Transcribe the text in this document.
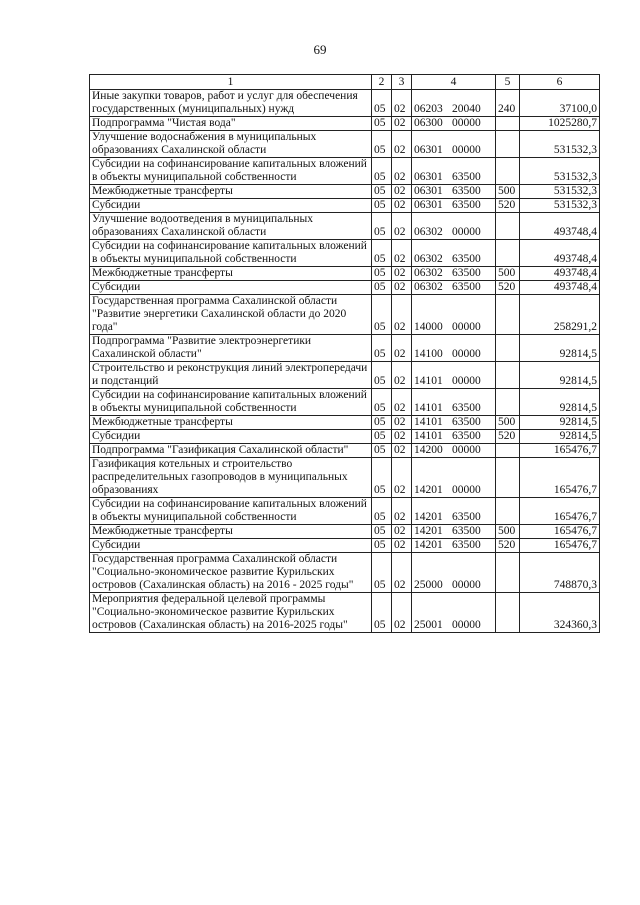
69
1	2	3	4	5	6
Иные закупки товаров, работ и услуг для обеспечения государственных (муниципальных) нужд	05	02	06203 20040	240	37100,0
Подпрограмма "Чистая вода"	05	02	06300 00000		1025280,7
Улучшение водоснабжения в муниципальных образованиях Сахалинской области	05	02	06301 00000		531532,3
Субсидии на софинансирование капитальных вложений в объекты муниципальной собственности	05	02	06301 63500		531532,3
Межбюджетные трансферты	05	02	06301 63500	500	531532,3
Субсидии	05	02	06301 63500	520	531532,3
Улучшение водоотведения в муниципальных образованиях Сахалинской области	05	02	06302 00000		493748,4
Субсидии на софинансирование капитальных вложений в объекты муниципальной собственности	05	02	06302 63500		493748,4
Межбюджетные трансферты	05	02	06302 63500	500	493748,4
Субсидии	05	02	06302 63500	520	493748,4
Государственная программа Сахалинской области "Развитие энергетики Сахалинской области до 2020 года"	05	02	14000 00000		258291,2
Подпрограмма "Развитие электроэнергетики Сахалинской области"	05	02	14100 00000		92814,5
Строительство и реконструкция линий электропередачи и подстанций	05	02	14101 00000		92814,5
Субсидии на софинансирование капитальных вложений в объекты муниципальной собственности	05	02	14101 63500		92814,5
Межбюджетные трансферты	05	02	14101 63500	500	92814,5
Субсидии	05	02	14101 63500	520	92814,5
Подпрограмма "Газификация Сахалинской области"	05	02	14200 00000		165476,7
Газификация котельных и строительство распределительных газопроводов в муниципальных образованиях	05	02	14201 00000		165476,7
Субсидии на софинансирование капитальных вложений в объекты муниципальной собственности	05	02	14201 63500		165476,7
Межбюджетные трансферты	05	02	14201 63500	500	165476,7
Субсидии	05	02	14201 63500	520	165476,7
Государственная программа Сахалинской области "Социально-экономическое развитие Курильских островов (Сахалинская область) на 2016 - 2025 годы"	05	02	25000 00000		748870,3
Мероприятия федеральной целевой программы "Социально-экономическое развитие Курильских островов (Сахалинская область) на 2016-2025 годы"	05	02	25001 00000		324360,3
